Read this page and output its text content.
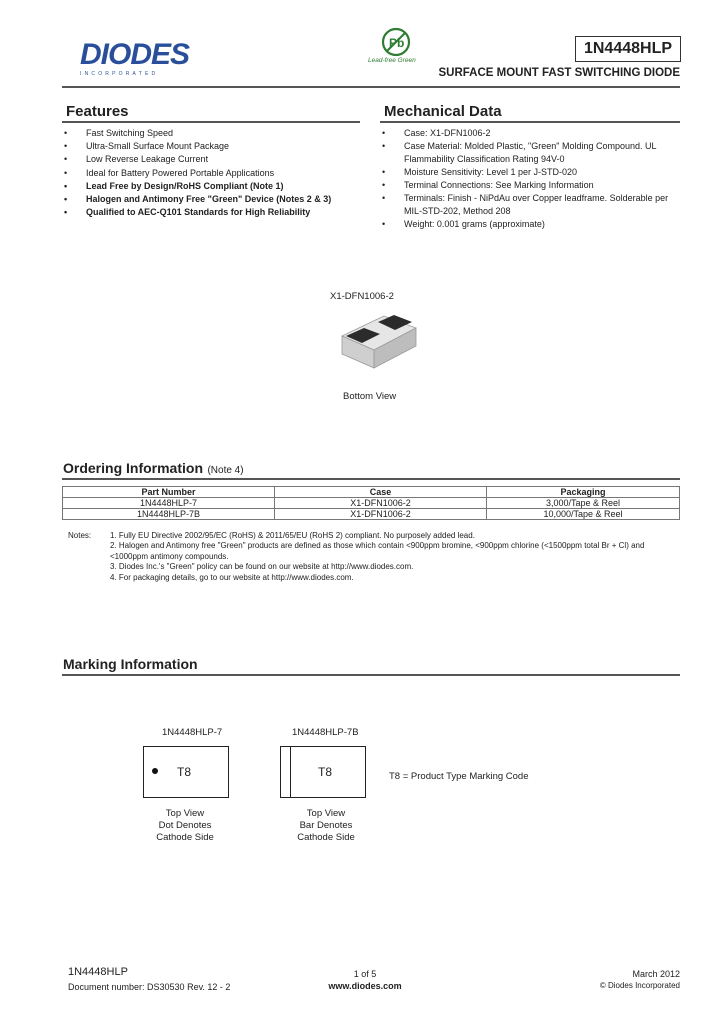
DIODES
INCORPORATED
Pb
Lead-free Green
1N4448HLP
SURFACE MOUNT FAST SWITCHING DIODE
Features
• Fast Switching Speed
• Ultra-Small Surface Mount Package
• Low Reverse Leakage Current
• Ideal for Battery Powered Portable Applications
• Lead Free by Design/RoHS Compliant (Note 1)
• Halogen and Antimony Free "Green" Device (Notes 2 & 3)
• Qualified to AEC-Q101 Standards for High Reliability
Mechanical Data
• Case: X1-DFN1006-2
• Case Material: Molded Plastic, "Green" Molding Compound. UL Flammability Classification Rating 94V-0
• Moisture Sensitivity: Level 1 per J-STD-020
• Terminal Connections: See Marking Information
• Terminals: Finish - NiPdAu over Copper leadframe. Solderable per MIL-STD-202, Method 208
• Weight: 0.001 grams (approximate)
X1-DFN1006-2
Bottom View
Ordering Information (Note 4)
Part Number	Case	Packaging
1N4448HLP-7	X1-DFN1006-2	3,000/Tape & Reel
1N4448HLP-7B	X1-DFN1006-2	10,000/Tape & Reel
Notes:	1. Fully EU Directive 2002/95/EC (RoHS) & 2011/65/EU (RoHS 2) compliant. No purposely added lead.
2. Halogen and Antimony free "Green" products are defined as those which contain <900ppm bromine, <900ppm chlorine (<1500ppm total Br + Cl) and <1000ppm antimony compounds.
3. Diodes Inc.'s "Green" policy can be found on our website at http://www.diodes.com.
4. For packaging details, go to our website at http://www.diodes.com.
Marking Information
1N4448HLP-7
T8
Top View
Dot Denotes
Cathode Side
1N4448HLP-7B
T8
Top View
Bar Denotes
Cathode Side
T8 = Product Type Marking Code
1N4448HLP
Document number: DS30530 Rev. 12 - 2
1 of 5
www.diodes.com
March 2012
© Diodes Incorporated
